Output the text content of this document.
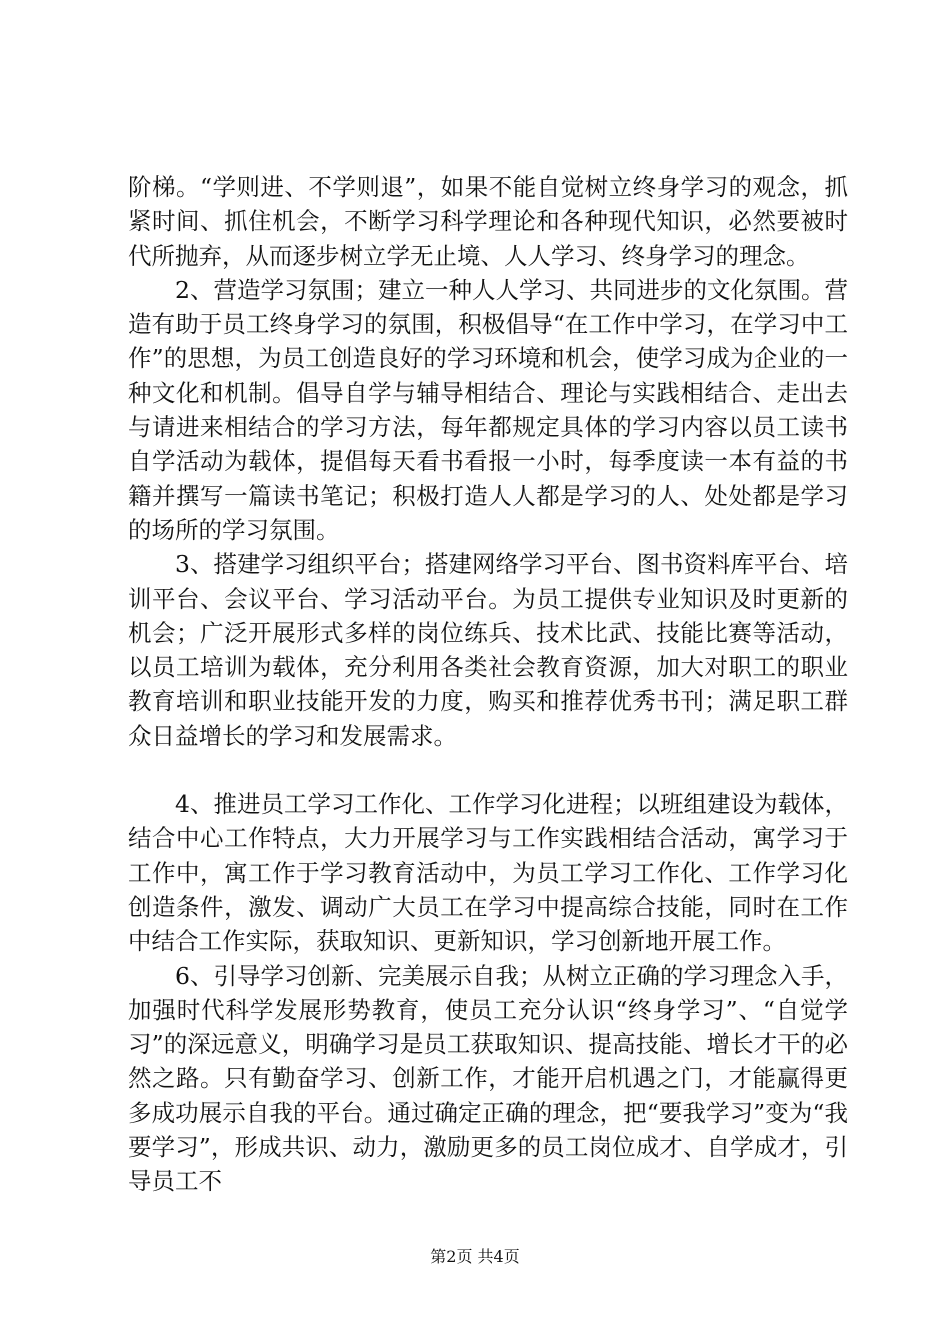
阶梯。“学则进、不学则退”，如果不能自觉树立终身学习的观念，抓紧时间、抓住机会，不断学习科学理论和各种现代知识，必然要被时代所抛弃，从而逐步树立学无止境、人人学习、终身学习的理念。

2、营造学习氛围；建立一种人人学习、共同进步的文化氛围。营造有助于员工终身学习的氛围，积极倡导“在工作中学习，在学习中工作”的思想，为员工创造良好的学习环境和机会，使学习成为企业的一种文化和机制。倡导自学与辅导相结合、理论与实践相结合、走出去与请进来相结合的学习方法，每年都规定具体的学习内容以员工读书自学活动为载体，提倡每天看书看报一小时，每季度读一本有益的书籍并撰写一篇读书笔记；积极打造人人都是学习的人、处处都是学习的场所的学习氛围。

3、搭建学习组织平台；搭建网络学习平台、图书资料库平台、培训平台、会议平台、学习活动平台。为员工提供专业知识及时更新的机会；广泛开展形式多样的岗位练兵、技术比武、技能比赛等活动，以员工培训为载体，充分利用各类社会教育资源，加大对职工的职业教育培训和职业技能开发的力度，购买和推荐优秀书刊；满足职工群众日益增长的学习和发展需求。

4、推进员工学习工作化、工作学习化进程；以班组建设为载体，结合中心工作特点，大力开展学习与工作实践相结合活动，寓学习于工作中，寓工作于学习教育活动中，为员工学习工作化、工作学习化创造条件，激发、调动广大员工在学习中提高综合技能，同时在工作中结合工作实际，获取知识、更新知识，学习创新地开展工作。

6、引导学习创新、完美展示自我；从树立正确的学习理念入手，加强时代科学发展形势教育，使员工充分认识“终身学习”、“自觉学习”的深远意义，明确学习是员工获取知识、提高技能、增长才干的必然之路。只有勤奋学习、创新工作，才能开启机遇之门，才能赢得更多成功展示自我的平台。通过确定正确的理念，把“要我学习”变为“我要学习”，形成共识、动力，激励更多的员工岗位成才、自学成才，引导员工不

第2页 共4页
